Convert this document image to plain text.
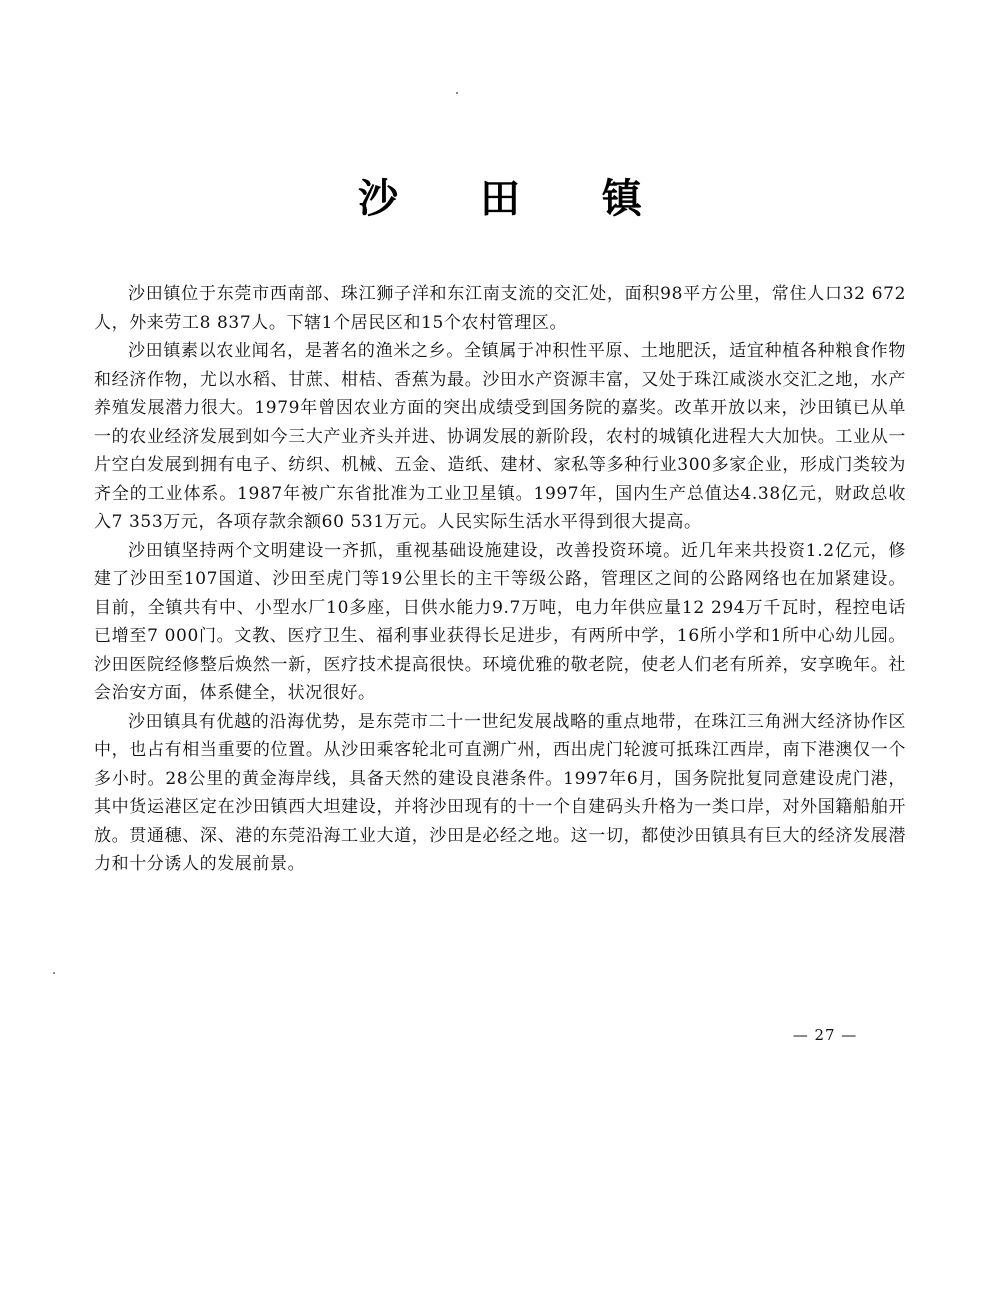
沙 田 镇

沙田镇位于东莞市西南部、珠江狮子洋和东江南支流的交汇处，面积98平方公里，常住人口32 672人，外来劳工8 837人。下辖1个居民区和15个农村管理区。

沙田镇素以农业闻名，是著名的渔米之乡。全镇属于冲积性平原、土地肥沃，适宜种植各种粮食作物和经济作物，尤以水稻、甘蔗、柑桔、香蕉为最。沙田水产资源丰富，又处于珠江咸淡水交汇之地，水产养殖发展潜力很大。1979年曾因农业方面的突出成绩受到国务院的嘉奖。改革开放以来，沙田镇已从单一的农业经济发展到如今三大产业齐头并进、协调发展的新阶段，农村的城镇化进程大大加快。工业从一片空白发展到拥有电子、纺织、机械、五金、造纸、建材、家私等多种行业300多家企业，形成门类较为齐全的工业体系。1987年被广东省批准为工业卫星镇。1997年，国内生产总值达4.38亿元，财政总收入7 353万元，各项存款余额60 531万元。人民实际生活水平得到很大提高。

沙田镇坚持两个文明建设一齐抓，重视基础设施建设，改善投资环境。近几年来共投资1.2亿元，修建了沙田至107国道、沙田至虎门等19公里长的主干等级公路，管理区之间的公路网络也在加紧建设。目前，全镇共有中、小型水厂10多座，日供水能力9.7万吨，电力年供应量12 294万千瓦时，程控电话已增至7 000门。文教、医疗卫生、福利事业获得长足进步，有两所中学，16所小学和1所中心幼儿园。沙田医院经修整后焕然一新，医疗技术提高很快。环境优雅的敬老院，使老人们老有所养，安享晚年。社会治安方面，体系健全，状况很好。

沙田镇具有优越的沿海优势，是东莞市二十一世纪发展战略的重点地带，在珠江三角洲大经济协作区中，也占有相当重要的位置。从沙田乘客轮北可直溯广州，西出虎门轮渡可抵珠江西岸，南下港澳仅一个多小时。28公里的黄金海岸线，具备天然的建设良港条件。1997年6月，国务院批复同意建设虎门港，其中货运港区定在沙田镇西大坦建设，并将沙田现有的十一个自建码头升格为一类口岸，对外国籍船舶开放。贯通穗、深、港的东莞沿海工业大道，沙田是必经之地。这一切，都使沙田镇具有巨大的经济发展潜力和十分诱人的发展前景。

— 27 —
